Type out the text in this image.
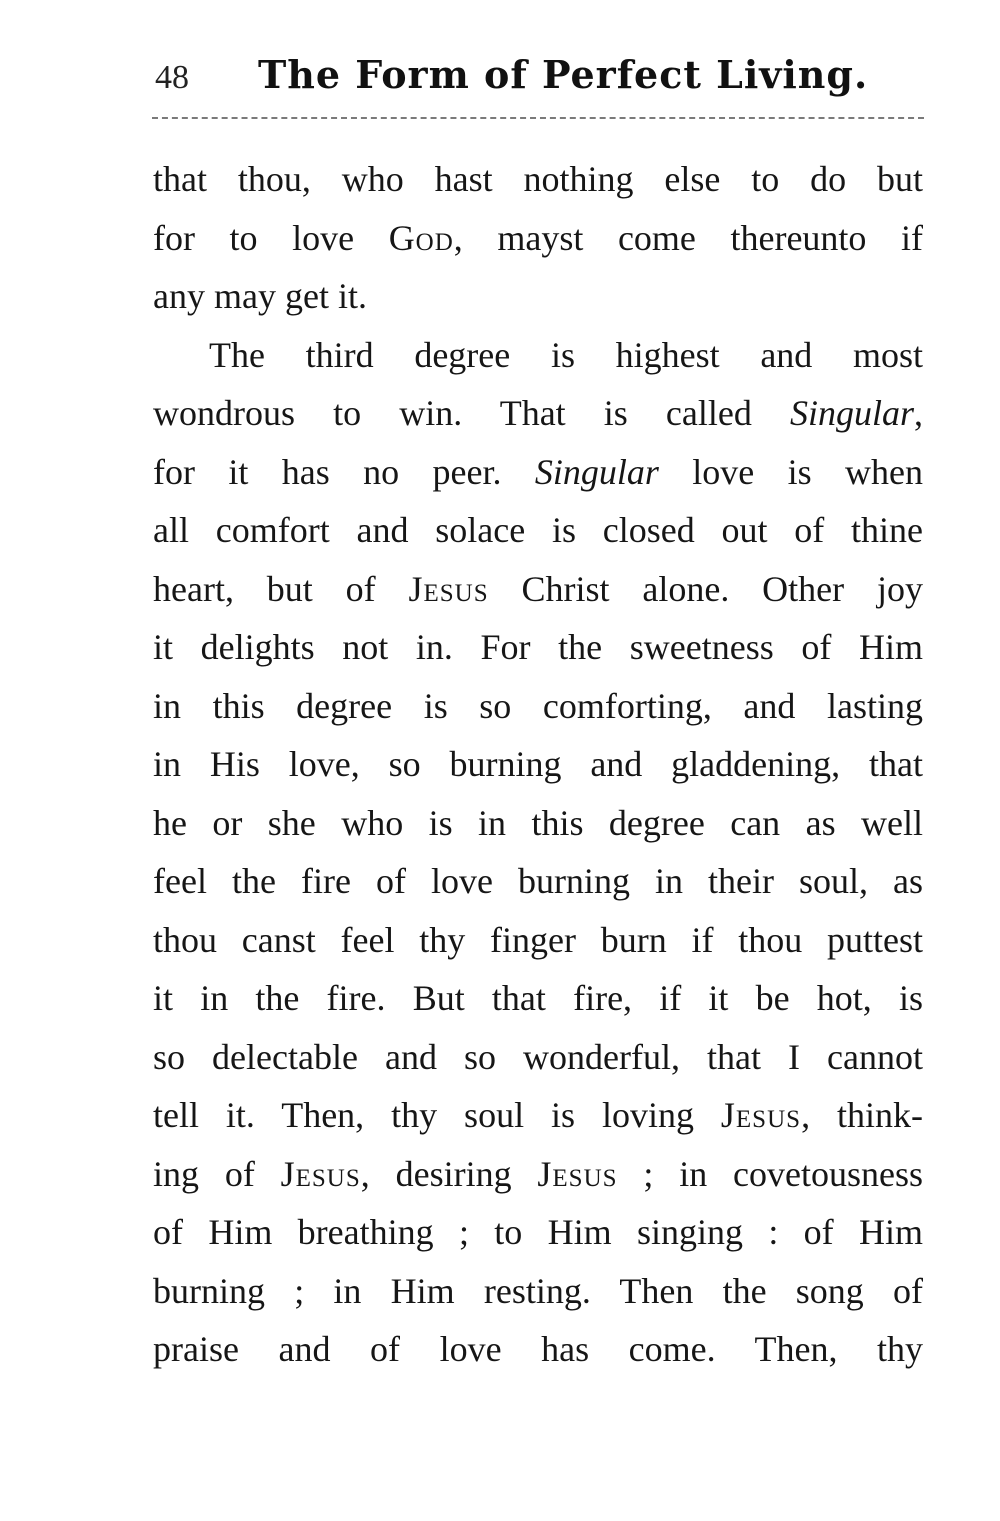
48 The Form of Perfect Living.
that thou, who hast nothing else to do but
for to love God, mayst come thereunto if
any may get it.
The third degree is highest and most
wondrous to win. That is called Singular,
for it has no peer. Singular love is when
all comfort and solace is closed out of thine
heart, but of Jesus Christ alone. Other joy
it delights not in. For the sweetness of Him
in this degree is so comforting, and lasting
in His love, so burning and gladdening, that
he or she who is in this degree can as well
feel the fire of love burning in their soul, as
thou canst feel thy finger burn if thou puttest
it in the fire. But that fire, if it be hot, is
so delectable and so wonderful, that I cannot
tell it. Then, thy soul is loving Jesus, think-
ing of Jesus, desiring Jesus ; in covetousness
of Him breathing ; to Him singing : of Him
burning ; in Him resting. Then the song of
praise and of love has come. Then, thy
